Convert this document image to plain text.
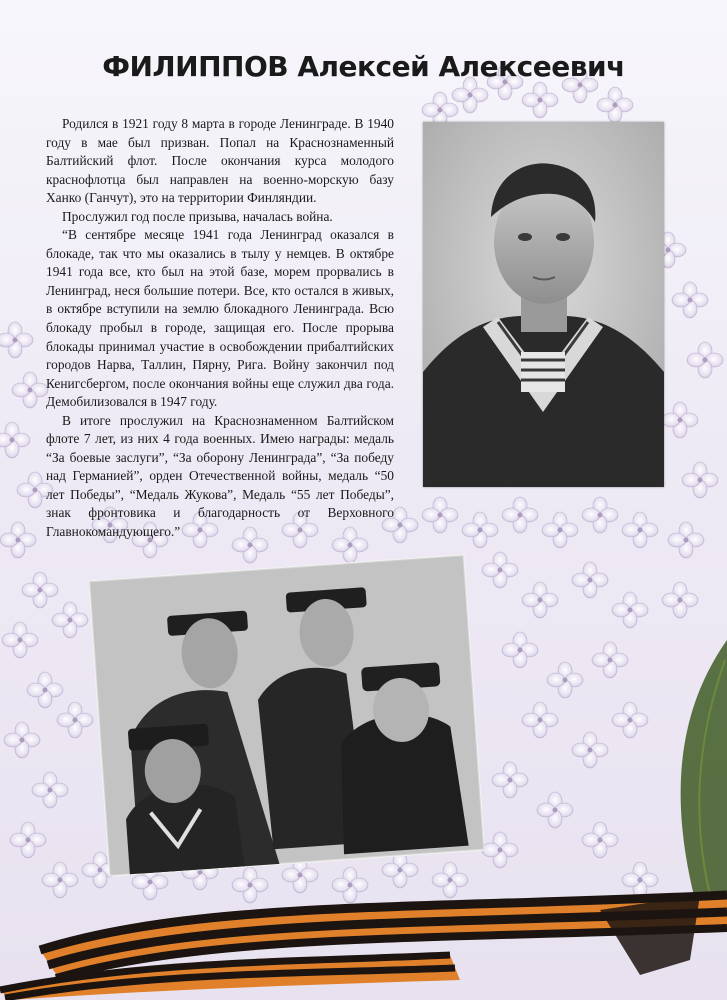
ФИЛИППОВ Алексей Алексеевич

Родился в 1921 году 8 марта в городе Ленинграде. В 1940 году в мае был призван. Попал на Краснознаменный Балтийский флот. После окончания курса молодого краснофлотца был направлен на военно-морскую базу Ханко (Ганчут), это на территории Финляндии.

Прослужил год после призыва, началась война.

“В сентябре месяце 1941 года Ленинград оказался в блокаде, так что мы оказались в тылу у немцев. В октябре 1941 года все, кто был на этой базе, морем прорвались в Ленинград, неся большие потери. Все, кто остался в живых, в октябре вступили на землю блокадного Ленинграда. Всю блокаду пробыл в городе, защищая его. После прорыва блокады принимал участие в освобождении прибалтийских городов Нарва, Таллин, Пярну, Рига. Войну закончил под Кенигсбергом, после окончания войны еще служил два года. Демобилизовался в 1947 году.

В итоге прослужил на Краснознаменном Балтийском флоте 7 лет, из них 4 года военных. Имею награды: медаль “За боевые заслуги”, “За оборону Ленинграда”, “За победу над Германией”, орден Отечественной войны, медаль “50 лет Победы”, “Медаль Жукова”, Медаль “55 лет Победы”, знак фронтовика и благодарность от Верховного Главнокомандующего.”
